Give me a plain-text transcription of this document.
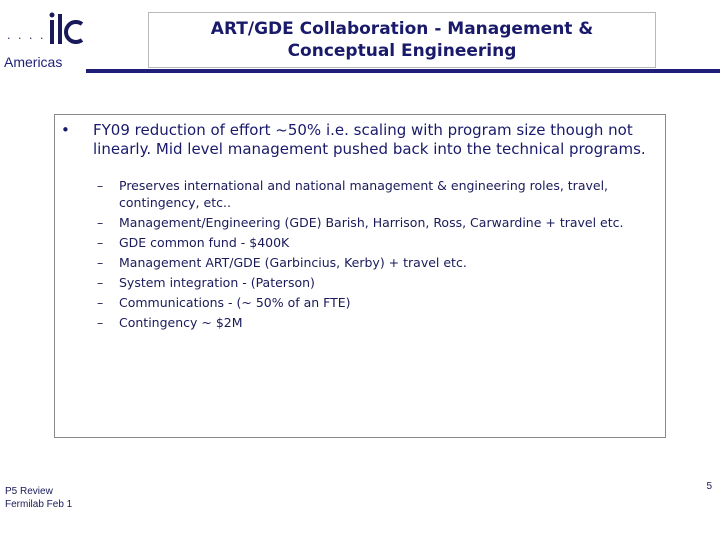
. . . .
Americas
ART/GDE Collaboration - Management &
Conceptual Engineering
• FY09 reduction of effort ~50% i.e. scaling with program size though not linearly. Mid level management pushed back into the technical programs.
– Preserves international and national management & engineering roles, travel, contingency, etc..
– Management/Engineering (GDE) Barish, Harrison, Ross, Carwardine + travel etc.
– GDE common fund - $400K
– Management ART/GDE (Garbincius, Kerby) + travel etc.
– System integration - (Paterson)
– Communications - (~ 50% of an FTE)
– Contingency ~ $2M
P5 Review
Fermilab Feb 1
5
